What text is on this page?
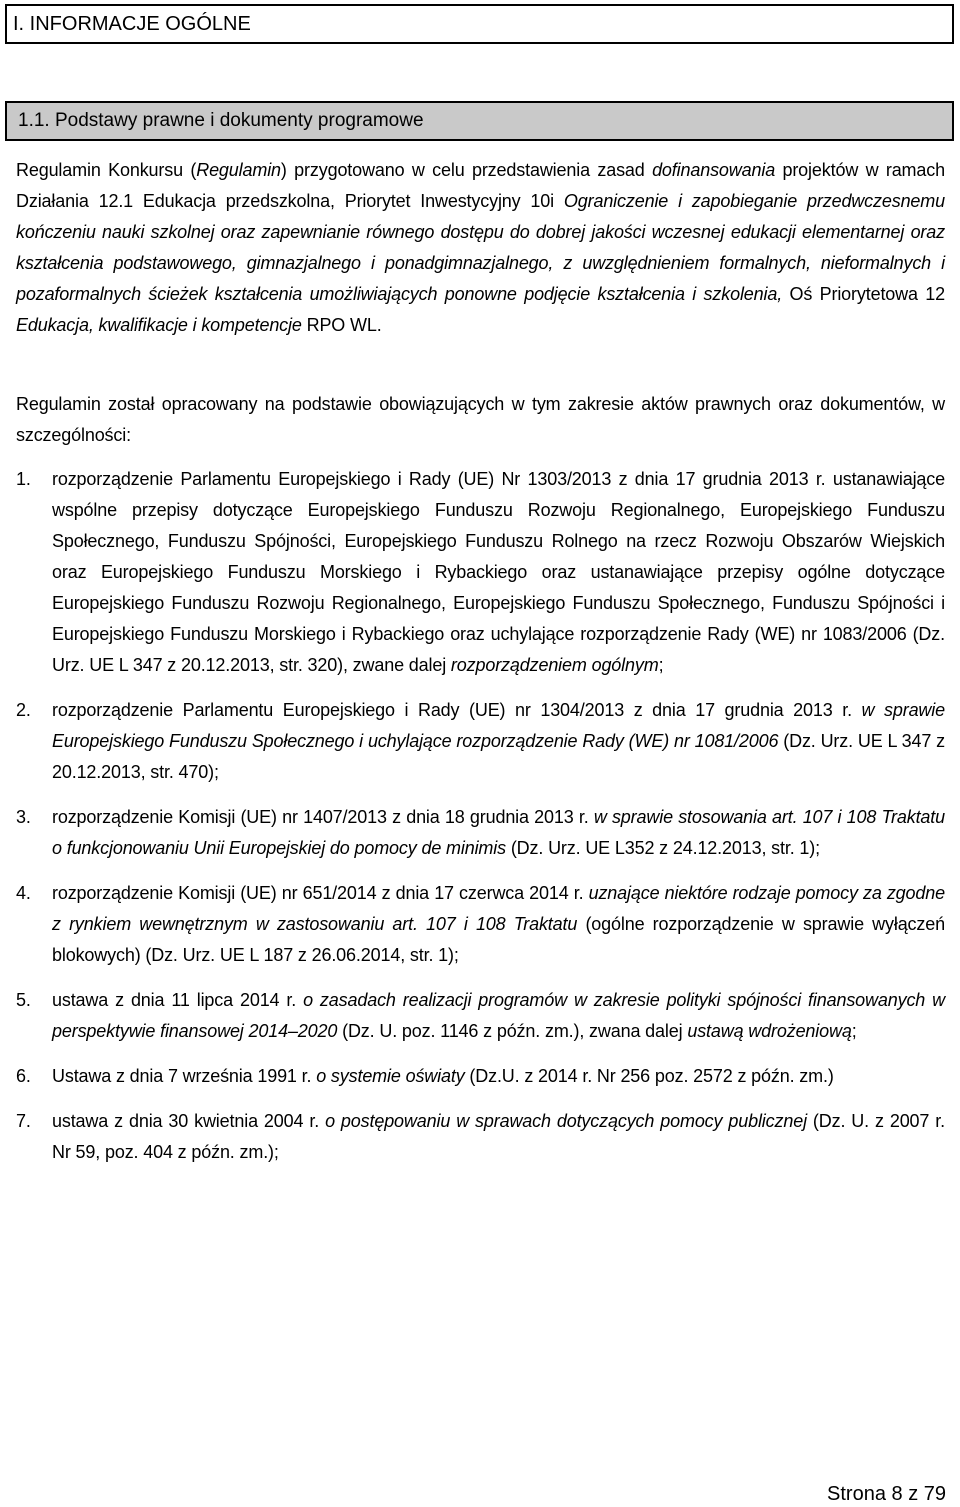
I. INFORMACJE OGÓLNE
1.1. Podstawy prawne i dokumenty programowe

Regulamin Konkursu (Regulamin) przygotowano w celu przedstawienia zasad dofinansowania projektów w ramach Działania 12.1 Edukacja przedszkolna, Priorytet Inwestycyjny 10i Ograniczenie i zapobieganie przedwczesnemu kończeniu nauki szkolnej oraz zapewnianie równego dostępu do dobrej jakości wczesnej edukacji elementarnej oraz kształcenia podstawowego, gimnazjalnego i ponadgimnazjalnego, z uwzględnieniem formalnych, nieformalnych i pozaformalnych ścieżek kształcenia umożliwiających ponowne podjęcie kształcenia i szkolenia, Oś Priorytetowa 12 Edukacja, kwalifikacje i kompetencje RPO WL.

Regulamin został opracowany na podstawie obowiązujących w tym zakresie aktów prawnych oraz dokumentów, w szczególności:

1. rozporządzenie Parlamentu Europejskiego i Rady (UE) Nr 1303/2013 z dnia 17 grudnia 2013 r. ustanawiające wspólne przepisy dotyczące Europejskiego Funduszu Rozwoju Regionalnego, Europejskiego Funduszu Społecznego, Funduszu Spójności, Europejskiego Funduszu Rolnego na rzecz Rozwoju Obszarów Wiejskich oraz Europejskiego Funduszu Morskiego i Rybackiego oraz ustanawiające przepisy ogólne dotyczące Europejskiego Funduszu Rozwoju Regionalnego, Europejskiego Funduszu Społecznego, Funduszu Spójności i Europejskiego Funduszu Morskiego i Rybackiego oraz uchylające rozporządzenie Rady (WE) nr 1083/2006 (Dz. Urz. UE L 347 z 20.12.2013, str. 320), zwane dalej rozporządzeniem ogólnym;
2. rozporządzenie Parlamentu Europejskiego i Rady (UE) nr 1304/2013 z dnia 17 grudnia 2013 r. w sprawie Europejskiego Funduszu Społecznego i uchylające rozporządzenie Rady (WE) nr 1081/2006 (Dz. Urz. UE L 347 z 20.12.2013, str. 470);
3. rozporządzenie Komisji (UE) nr 1407/2013 z dnia 18 grudnia 2013 r. w sprawie stosowania art. 107 i 108 Traktatu o funkcjonowaniu Unii Europejskiej do pomocy de minimis (Dz. Urz. UE L352 z 24.12.2013, str. 1);
4. rozporządzenie Komisji (UE) nr 651/2014 z dnia 17 czerwca 2014 r. uznające niektóre rodzaje pomocy za zgodne z rynkiem wewnętrznym w zastosowaniu art. 107 i 108 Traktatu (ogólne rozporządzenie w sprawie wyłączeń blokowych) (Dz. Urz. UE L 187 z 26.06.2014, str. 1);
5. ustawa z dnia 11 lipca 2014 r. o zasadach realizacji programów w zakresie polityki spójności finansowanych w perspektywie finansowej 2014–2020 (Dz. U. poz. 1146 z późn. zm.), zwana dalej ustawą wdrożeniową;
6. Ustawa z dnia 7 września 1991 r. o systemie oświaty (Dz.U. z 2014 r. Nr 256 poz. 2572 z późn. zm.)
7. ustawa z dnia 30 kwietnia 2004 r. o postępowaniu w sprawach dotyczących pomocy publicznej (Dz. U. z 2007 r. Nr 59, poz. 404 z późn. zm.);
Strona 8 z 79
